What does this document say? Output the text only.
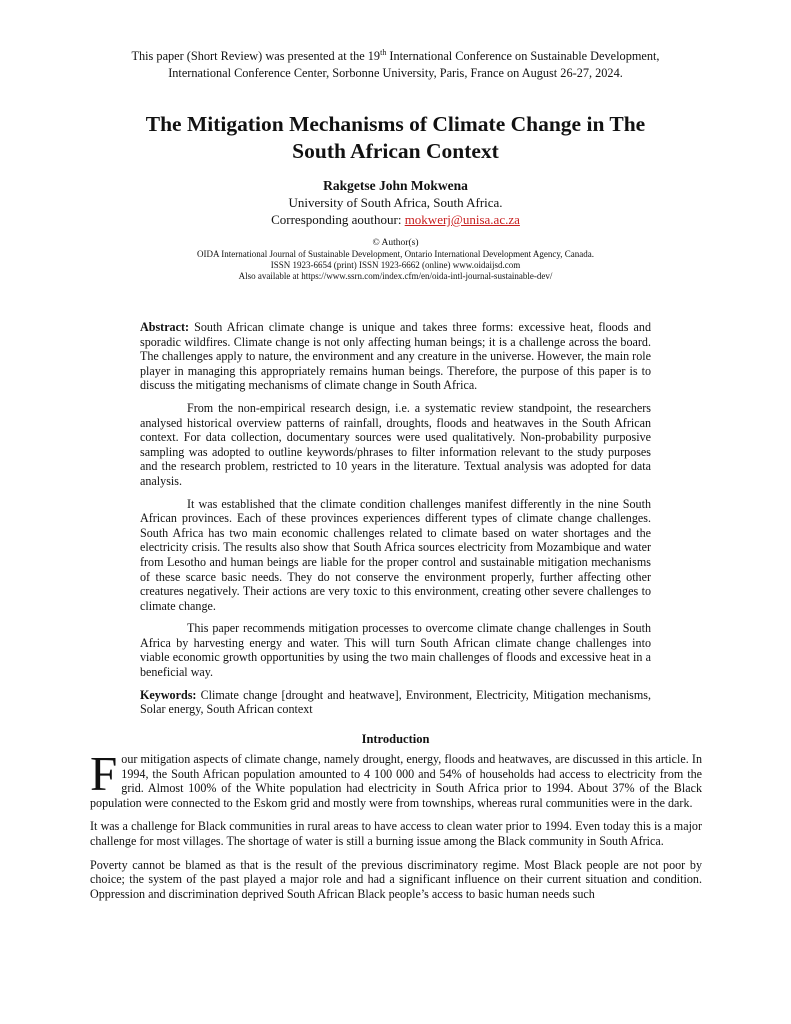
This paper (Short Review) was presented at the 19th International Conference on Sustainable Development,
International Conference Center, Sorbonne University, Paris, France on August 26-27, 2024.
The Mitigation Mechanisms of Climate Change in The
South African Context
Rakgetse John Mokwena
University of South Africa, South Africa.
Corresponding aouthour: mokwerj@unisa.ac.za
© Author(s)
OIDA International Journal of Sustainable Development, Ontario International Development Agency, Canada.
ISSN 1923-6654 (print) ISSN 1923-6662 (online) www.oidaijsd.com
Also available at https://www.ssrn.com/index.cfm/en/oida-intl-journal-sustainable-dev/

Abstract: South African climate change is unique and takes three forms: excessive heat, floods and sporadic wildfires. Climate change is not only affecting human beings; it is a challenge across the board. The challenges apply to nature, the environment and any creature in the universe. However, the main role player in managing this appropriately remains human beings. Therefore, the purpose of this paper is to discuss the mitigating mechanisms of climate change in South Africa.

From the non-empirical research design, i.e. a systematic review standpoint, the researchers analysed historical overview patterns of rainfall, droughts, floods and heatwaves in the South African context. For data collection, documentary sources were used qualitatively. Non-probability purposive sampling was adopted to outline keywords/phrases to filter information relevant to the study purposes and the research problem, restricted to 10 years in the literature. Textual analysis was adopted for data analysis.

It was established that the climate condition challenges manifest differently in the nine South African provinces. Each of these provinces experiences different types of climate change challenges. South Africa has two main economic challenges related to climate based on water shortages and the electricity crisis. The results also show that South Africa sources electricity from Mozambique and water from Lesotho and human beings are liable for the proper control and sustainable mitigation mechanisms of these scarce basic needs. They do not conserve the environment properly, further affecting other creatures negatively. Their actions are very toxic to this environment, creating other severe challenges to climate change.

This paper recommends mitigation processes to overcome climate change challenges in South Africa by harvesting energy and water. This will turn South African climate change challenges into viable economic growth opportunities by using the two main challenges of floods and excessive heat in a beneficial way.

Keywords: Climate change [drought and heatwave], Environment, Electricity, Mitigation mechanisms, Solar energy, South African context

Introduction

Four mitigation aspects of climate change, namely drought, energy, floods and heatwaves, are discussed in this article. In 1994, the South African population amounted to 4 100 000 and 54% of households had access to electricity from the grid. Almost 100% of the White population had electricity in South Africa prior to 1994. About 37% of the Black population were connected to the Eskom grid and mostly were from townships, whereas rural communities were in the dark.

It was a challenge for Black communities in rural areas to have access to clean water prior to 1994. Even today this is a major challenge for most villages. The shortage of water is still a burning issue among the Black community in South Africa.

Poverty cannot be blamed as that is the result of the previous discriminatory regime. Most Black people are not poor by choice; the system of the past played a major role and had a significant influence on their current situation and condition. Oppression and discrimination deprived South African Black people’s access to basic human needs such
